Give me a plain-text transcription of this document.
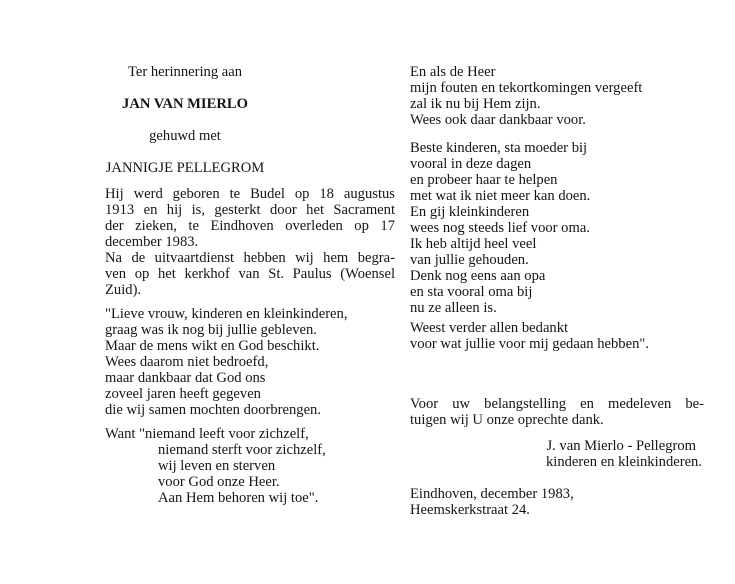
Ter herinnering aan
JAN VAN MIERLO
gehuwd met
JANNIGJE PELLEGROM
Hij werd geboren te Budel op 18 augustus
1913 en hij is, gesterkt door het Sacrament
der zieken, te Eindhoven overleden op 17
december 1983.
Na de uitvaartdienst hebben wij hem begra-
ven op het kerkhof van St. Paulus (Woensel
Zuid).
"Lieve vrouw, kinderen en kleinkinderen,
graag was ik nog bij jullie gebleven.
Maar de mens wikt en God beschikt.
Wees daarom niet bedroefd,
maar dankbaar dat God ons
zoveel jaren heeft gegeven
die wij samen mochten doorbrengen.
Want "niemand leeft voor zichzelf,
niemand sterft voor zichzelf,
wij leven en sterven
voor God onze Heer.
Aan Hem behoren wij toe".
En als de Heer
mijn fouten en tekortkomingen vergeeft
zal ik nu bij Hem zijn.
Wees ook daar dankbaar voor.
Beste kinderen, sta moeder bij
vooral in deze dagen
en probeer haar te helpen
met wat ik niet meer kan doen.
En gij kleinkinderen
wees nog steeds lief voor oma.
Ik heb altijd heel veel
van jullie gehouden.
Denk nog eens aan opa
en sta vooral oma bij
nu ze alleen is.
Weest verder allen bedankt
voor wat jullie voor mij gedaan hebben".
Voor uw belangstelling en medeleven be-
tuigen wij U onze oprechte dank.
J. van Mierlo - Pellegrom
kinderen en kleinkinderen.
Eindhoven, december 1983,
Heemskerkstraat 24.
